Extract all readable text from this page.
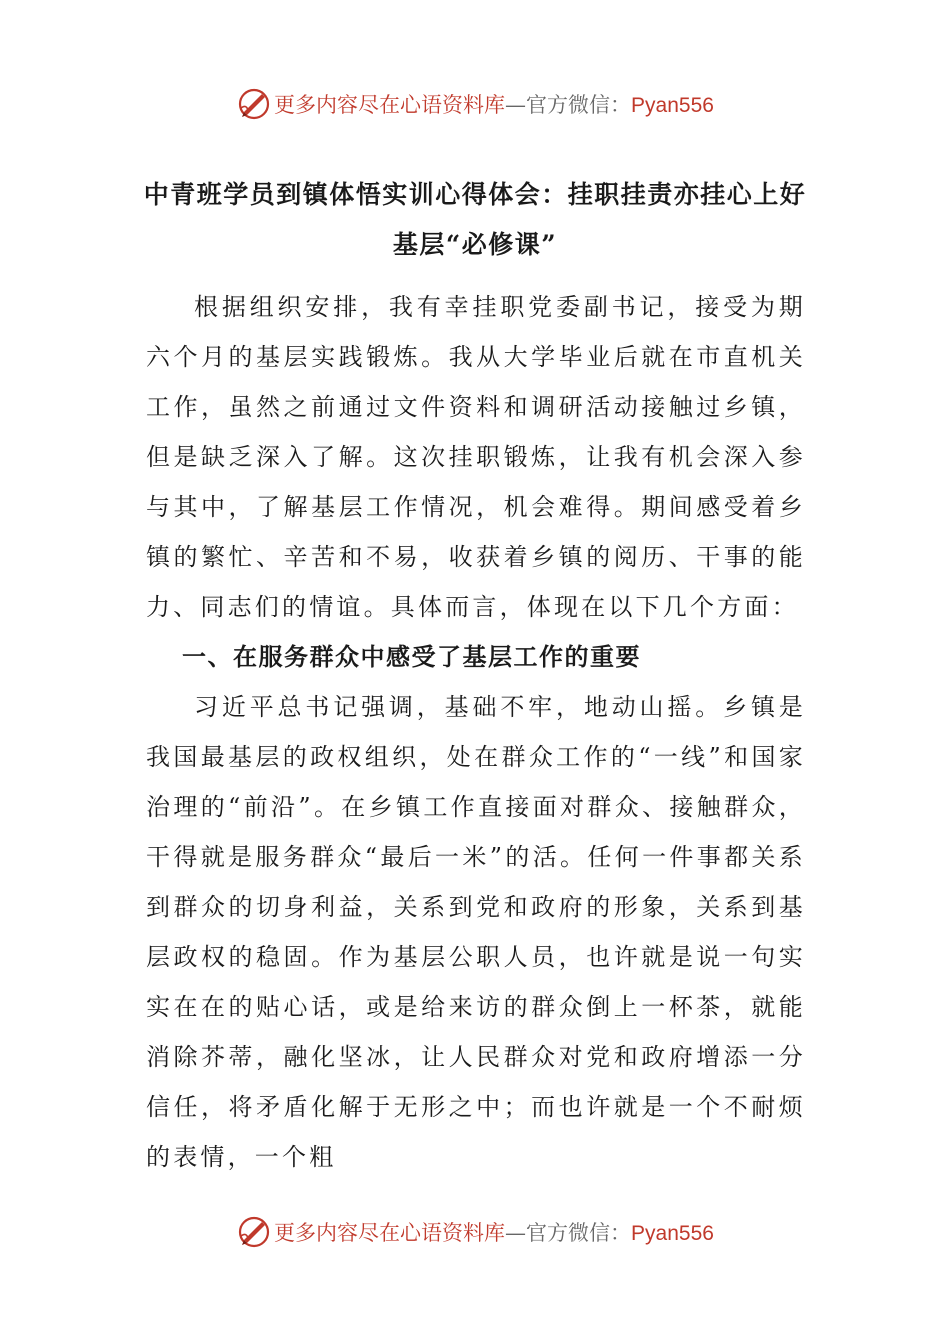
更多内容尽在心语资料库—官方微信：Pyan556
中青班学员到镇体悟实训心得体会：挂职挂责亦挂心上好
基层“必修课”

根据组织安排，我有幸挂职党委副书记，接受为期六个月的基层实践锻炼。我从大学毕业后就在市直机关工作，虽然之前通过文件资料和调研活动接触过乡镇，但是缺乏深入了解。这次挂职锻炼，让我有机会深入参与其中，了解基层工作情况，机会难得。期间感受着乡镇的繁忙、辛苦和不易，收获着乡镇的阅历、干事的能力、同志们的情谊。具体而言，体现在以下几个方面：

一、在服务群众中感受了基层工作的重要

习近平总书记强调，基础不牢，地动山摇。乡镇是我国最基层的政权组织，处在群众工作的“一线”和国家治理的“前沿”。在乡镇工作直接面对群众、接触群众，干得就是服务群众“最后一米”的活。任何一件事都关系到群众的切身利益，关系到党和政府的形象，关系到基层政权的稳固。作为基层公职人员，也许就是说一句实实在在的贴心话，或是给来访的群众倒上一杯茶，就能消除芥蒂，融化坚冰，让人民群众对党和政府增添一分信任，将矛盾化解于无形之中；而也许就是一个不耐烦的表情，一个粗

更多内容尽在心语资料库—官方微信：Pyan556
